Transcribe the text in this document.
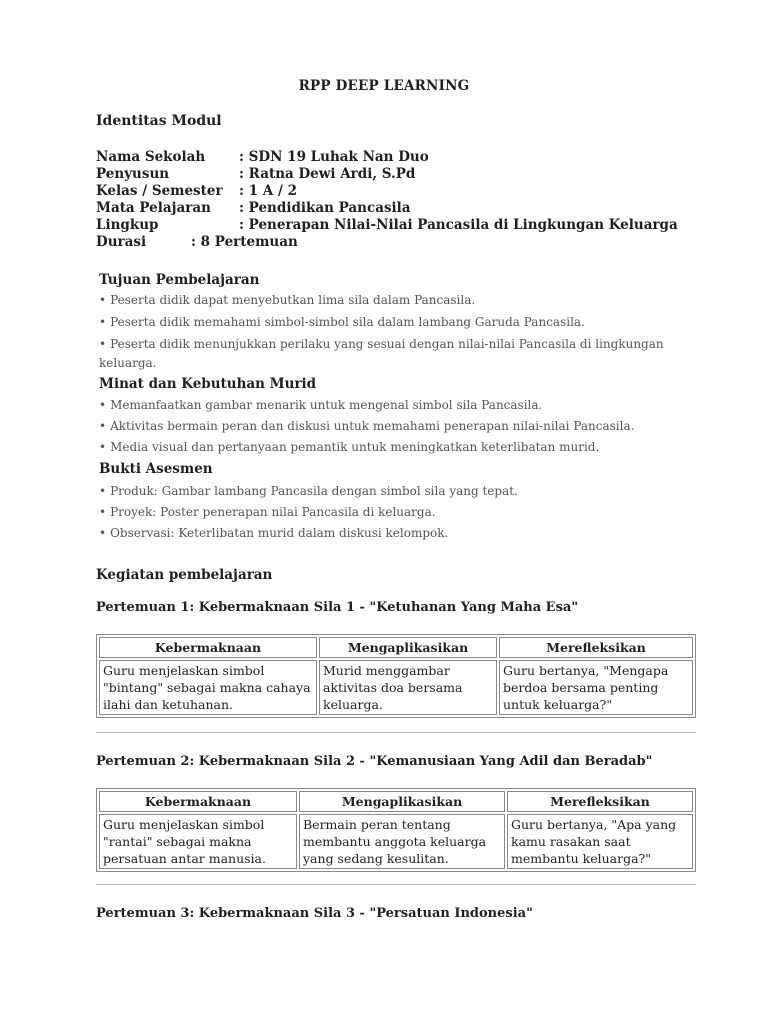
RPP DEEP LEARNING
Identitas Modul
Nama Sekolah	: SDN 19 Luhak Nan Duo
Penyusun	: Ratna Dewi Ardi, S.Pd
Kelas / Semester : 1 A / 2
Mata Pelajaran : Pendidikan Pancasila
Lingkup	: Penerapan Nilai-Nilai Pancasila di Lingkungan Keluarga
Durasi	: 8 Pertemuan
Tujuan Pembelajaran
• Peserta didik dapat menyebutkan lima sila dalam Pancasila.
• Peserta didik memahami simbol-simbol sila dalam lambang Garuda Pancasila.
• Peserta didik menunjukkan perilaku yang sesuai dengan nilai-nilai Pancasila di lingkungan keluarga.
Minat dan Kebutuhan Murid
• Memanfaatkan gambar menarik untuk mengenal simbol sila Pancasila.
• Aktivitas bermain peran dan diskusi untuk memahami penerapan nilai-nilai Pancasila.
• Media visual dan pertanyaan pemantik untuk meningkatkan keterlibatan murid.
Bukti Asesmen
• Produk: Gambar lambang Pancasila dengan simbol sila yang tepat.
• Proyek: Poster penerapan nilai Pancasila di keluarga.
• Observasi: Keterlibatan murid dalam diskusi kelompok.
Kegiatan pembelajaran
Pertemuan 1: Kebermaknaan Sila 1 - "Ketuhanan Yang Maha Esa"
Kebermaknaan	Mengaplikasikan	Merefleksikan
Guru menjelaskan simbol "bintang" sebagai makna cahaya ilahi dan ketuhanan.	Murid menggambar aktivitas doa bersama keluarga.	Guru bertanya, "Mengapa berdoa bersama penting untuk keluarga?"
Pertemuan 2: Kebermaknaan Sila 2 - "Kemanusiaan Yang Adil dan Beradab"
Kebermaknaan	Mengaplikasikan	Merefleksikan
Guru menjelaskan simbol "rantai" sebagai makna persatuan antar manusia.	Bermain peran tentang membantu anggota keluarga yang sedang kesulitan.	Guru bertanya, "Apa yang kamu rasakan saat membantu keluarga?"
Pertemuan 3: Kebermaknaan Sila 3 - "Persatuan Indonesia"
